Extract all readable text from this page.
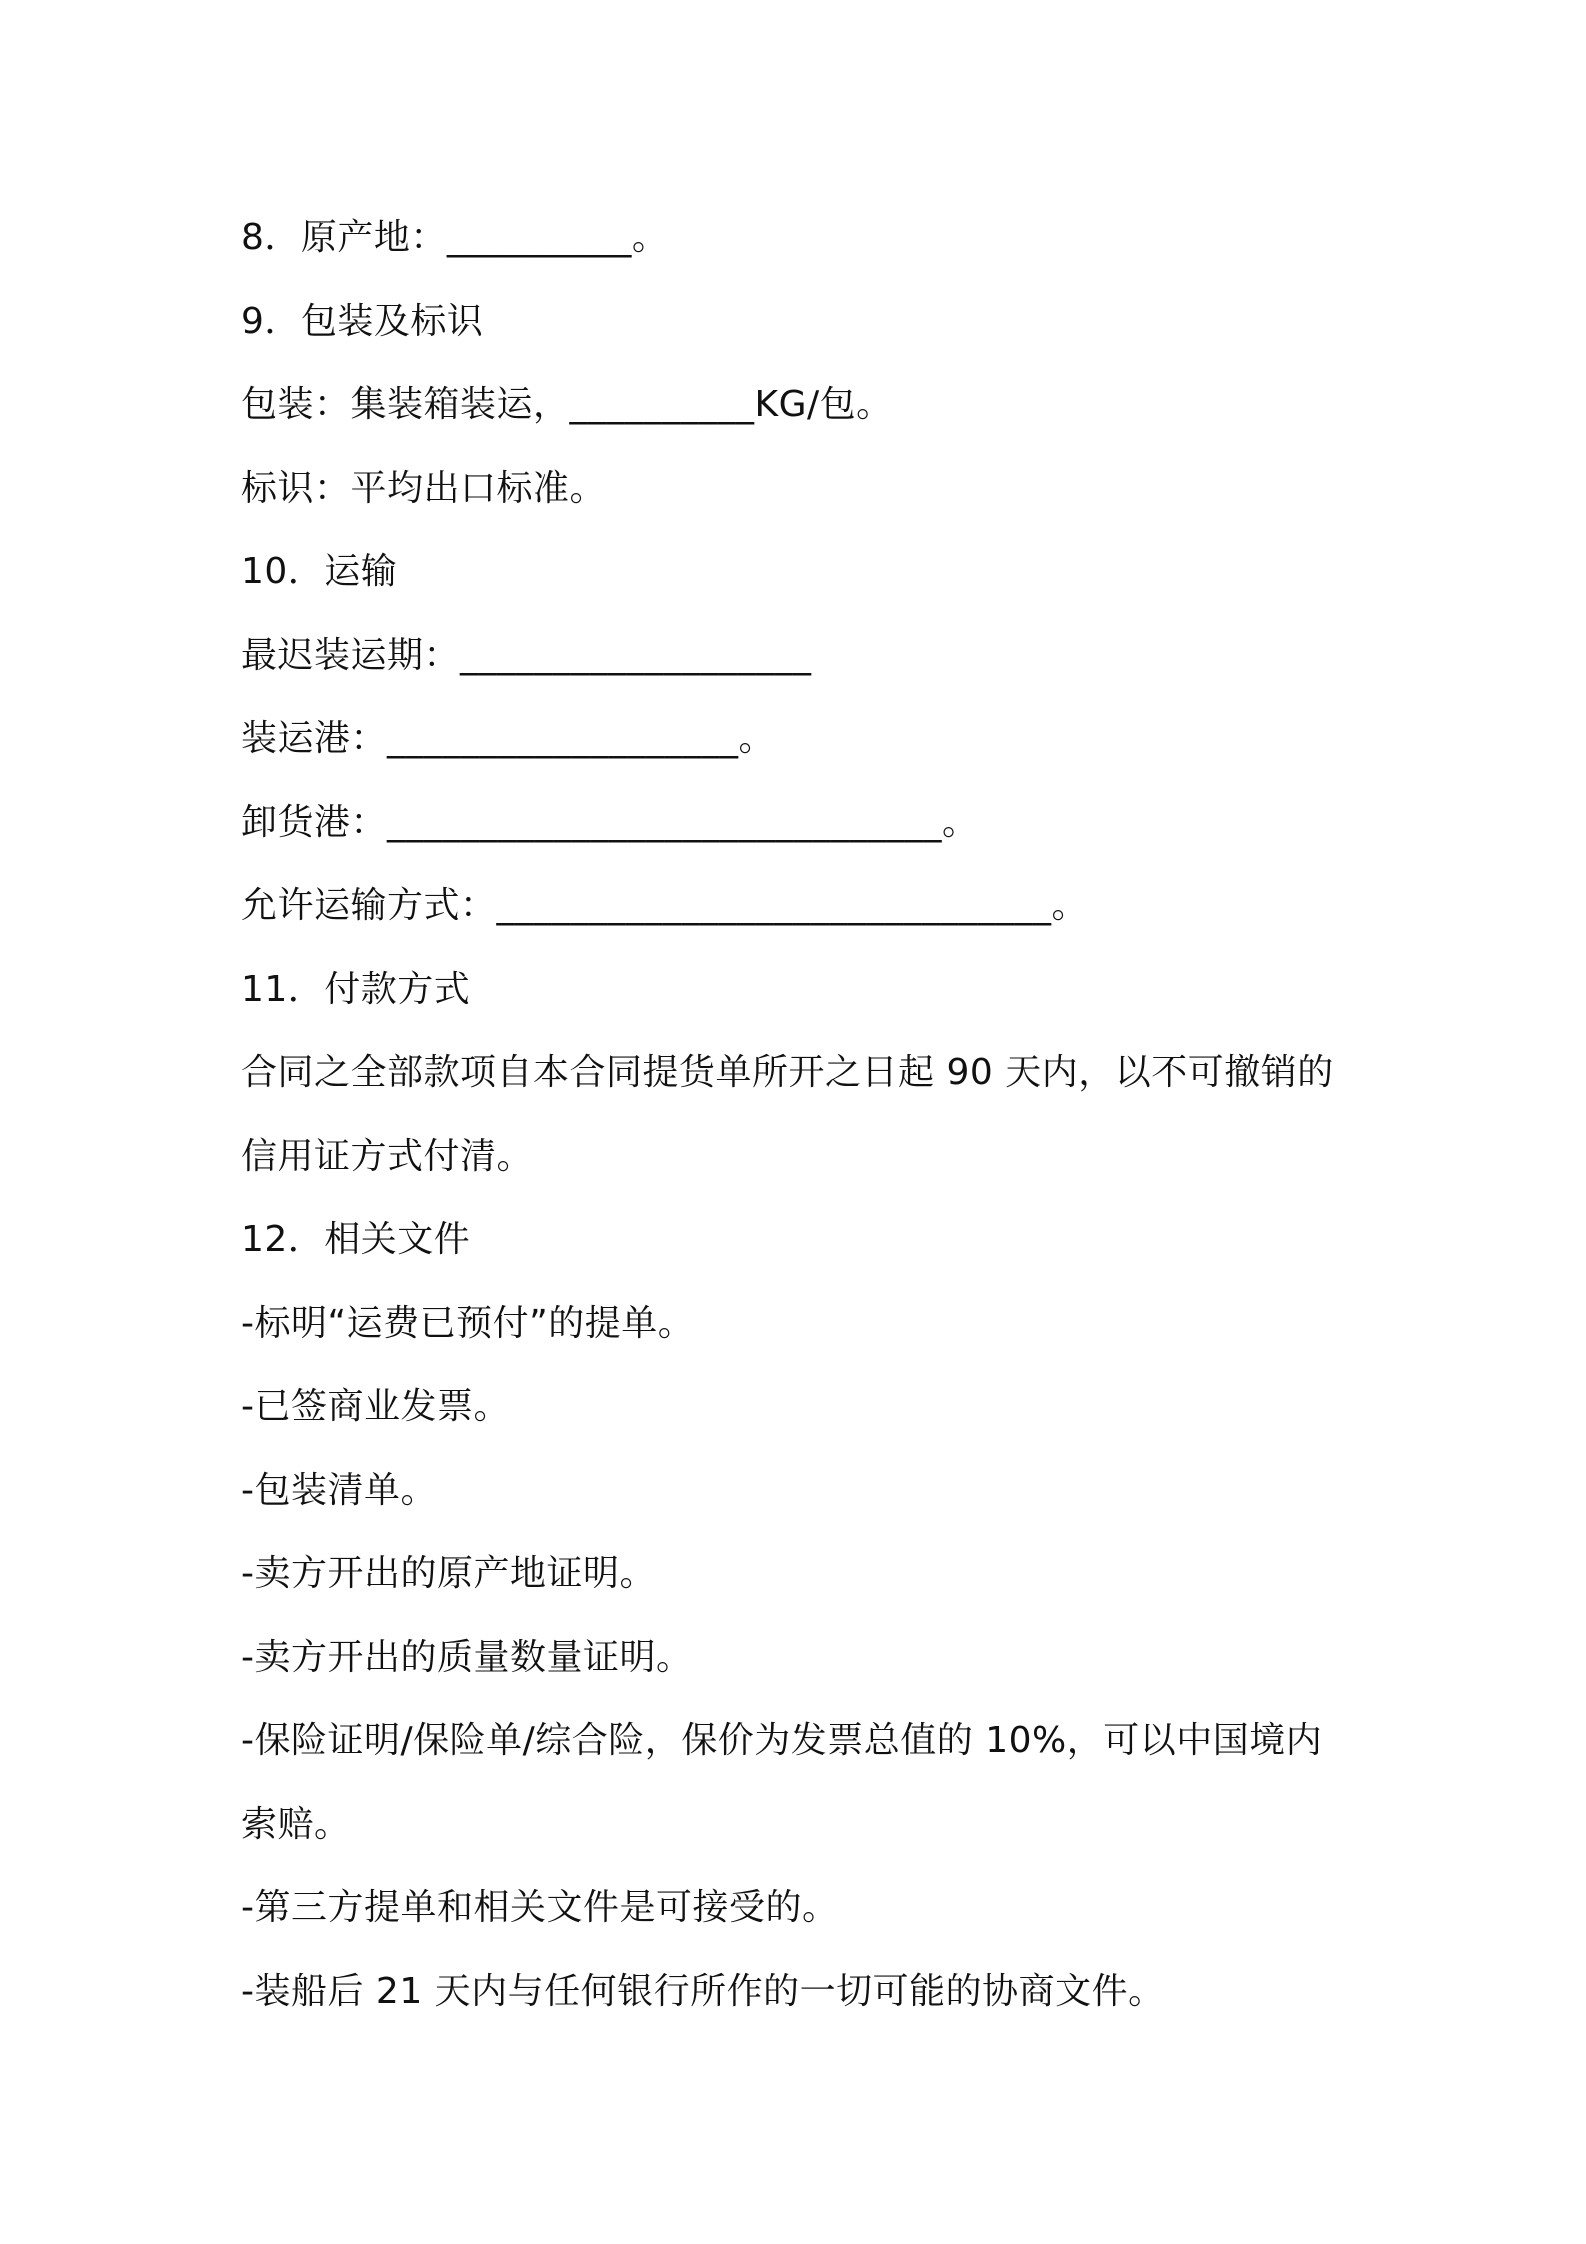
8．原产地：__________。
9．包装及标识
包装：集装箱装运，__________KG/包。
标识：平均出口标准。
10．运输
最迟装运期：___________________
装运港：___________________。
卸货港：______________________________。
允许运输方式：______________________________。
11．付款方式
合同之全部款项自本合同提货单所开之日起 90 天内，以不可撤销的
信用证方式付清。
12．相关文件
-标明“运费已预付”的提单。
-已签商业发票。
-包装清单。
-卖方开出的原产地证明。
-卖方开出的质量数量证明。
-保险证明/保险单/综合险，保价为发票总值的 10%，可以中国境内
索赔。
-第三方提单和相关文件是可接受的。
-装船后 21 天内与任何银行所作的一切可能的协商文件。
